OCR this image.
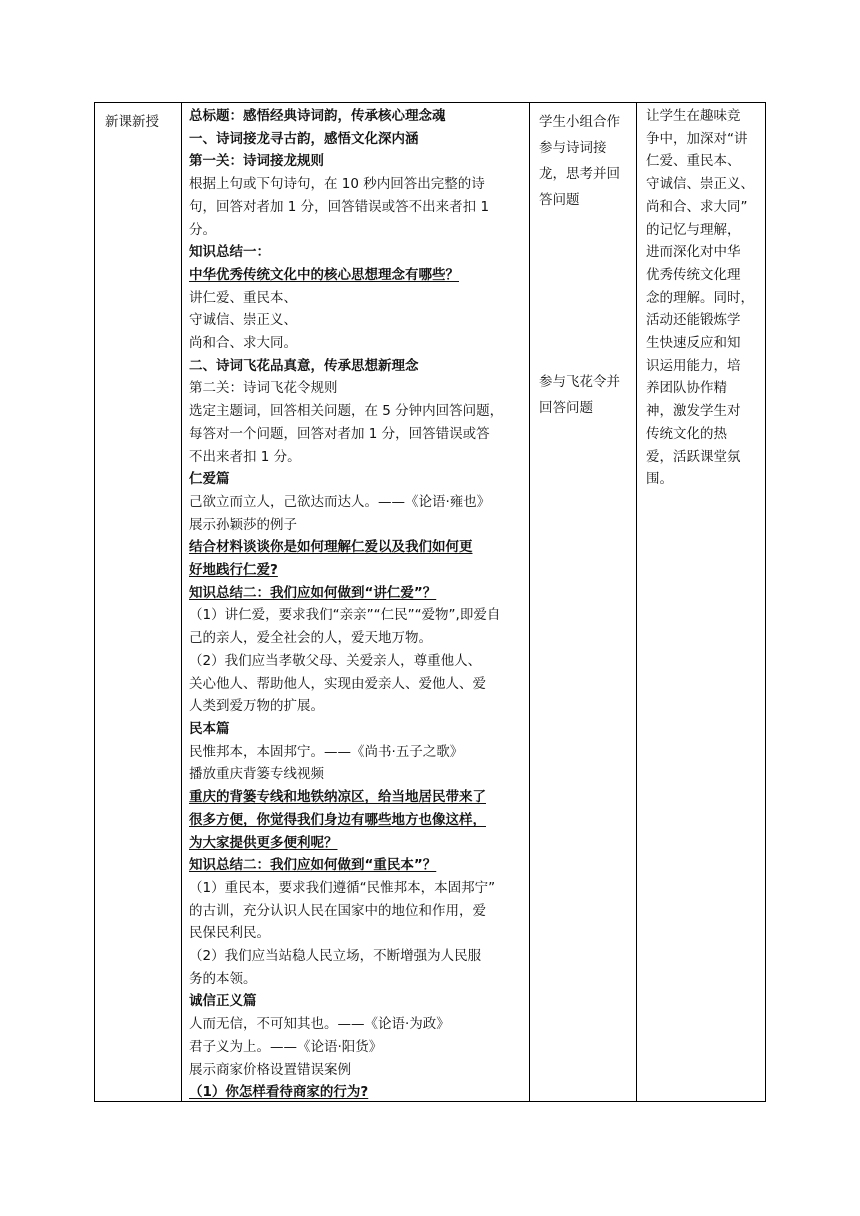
新课新授	总标题：感悟经典诗词韵，传承核心理念魂
一、诗词接龙寻古韵，感悟文化深内涵
第一关：诗词接龙规则
根据上句或下句诗句，在 10 秒内回答出完整的诗
句，回答对者加 1 分，回答错误或答不出来者扣 1
分。
知识总结一：
中华优秀传统文化中的核心思想理念有哪些？
讲仁爱、重民本、
守诚信、崇正义、
尚和合、求大同。
二、诗词飞花品真意，传承思想新理念
第二关：诗词飞花令规则
选定主题词，回答相关问题，在 5 分钟内回答问题，
每答对一个问题，回答对者加 1 分，回答错误或答
不出来者扣 1 分。
仁爱篇
己欲立而立人，己欲达而达人。——《论语·雍也》
展示孙颖莎的例子
结合材料谈谈你是如何理解仁爱以及我们如何更
好地践行仁爱?
知识总结二：我们应如何做到“讲仁爱”？
（1）讲仁爱，要求我们“亲亲”“仁民”“爱物”,即爱自
己的亲人，爱全社会的人，爱天地万物。
（2）我们应当孝敬父母、关爱亲人，尊重他人、
关心他人、帮助他人，实现由爱亲人、爱他人、爱
人类到爱万物的扩展。
民本篇
民惟邦本，本固邦宁。——《尚书·五子之歌》
播放重庆背篓专线视频
重庆的背篓专线和地铁纳凉区，给当地居民带来了
很多方便，你觉得我们身边有哪些地方也像这样，
为大家提供更多便利呢？
知识总结二：我们应如何做到“重民本”？
（1）重民本，要求我们遵循“民惟邦本，本固邦宁”
的古训，充分认识人民在国家中的地位和作用，爱
民保民利民。
（2）我们应当站稳人民立场，不断增强为人民服
务的本领。
诚信正义篇
人而无信，不可知其也。——《论语·为政》
君子义为上。——《论语·阳货》
展示商家价格设置错误案例
（1）你怎样看待商家的行为?
学生小组合作
参与诗词接
龙，思考并回
答问题
参与飞花令并
回答问题
让学生在趣味竞
争中，加深对“讲
仁爱、重民本、
守诚信、崇正义、
尚和合、求大同”
的记忆与理解，
进而深化对中华
优秀传统文化理
念的理解。同时，
活动还能锻炼学
生快速反应和知
识运用能力，培
养团队协作精
神，激发学生对
传统文化的热
爱，活跃课堂氛
围。
